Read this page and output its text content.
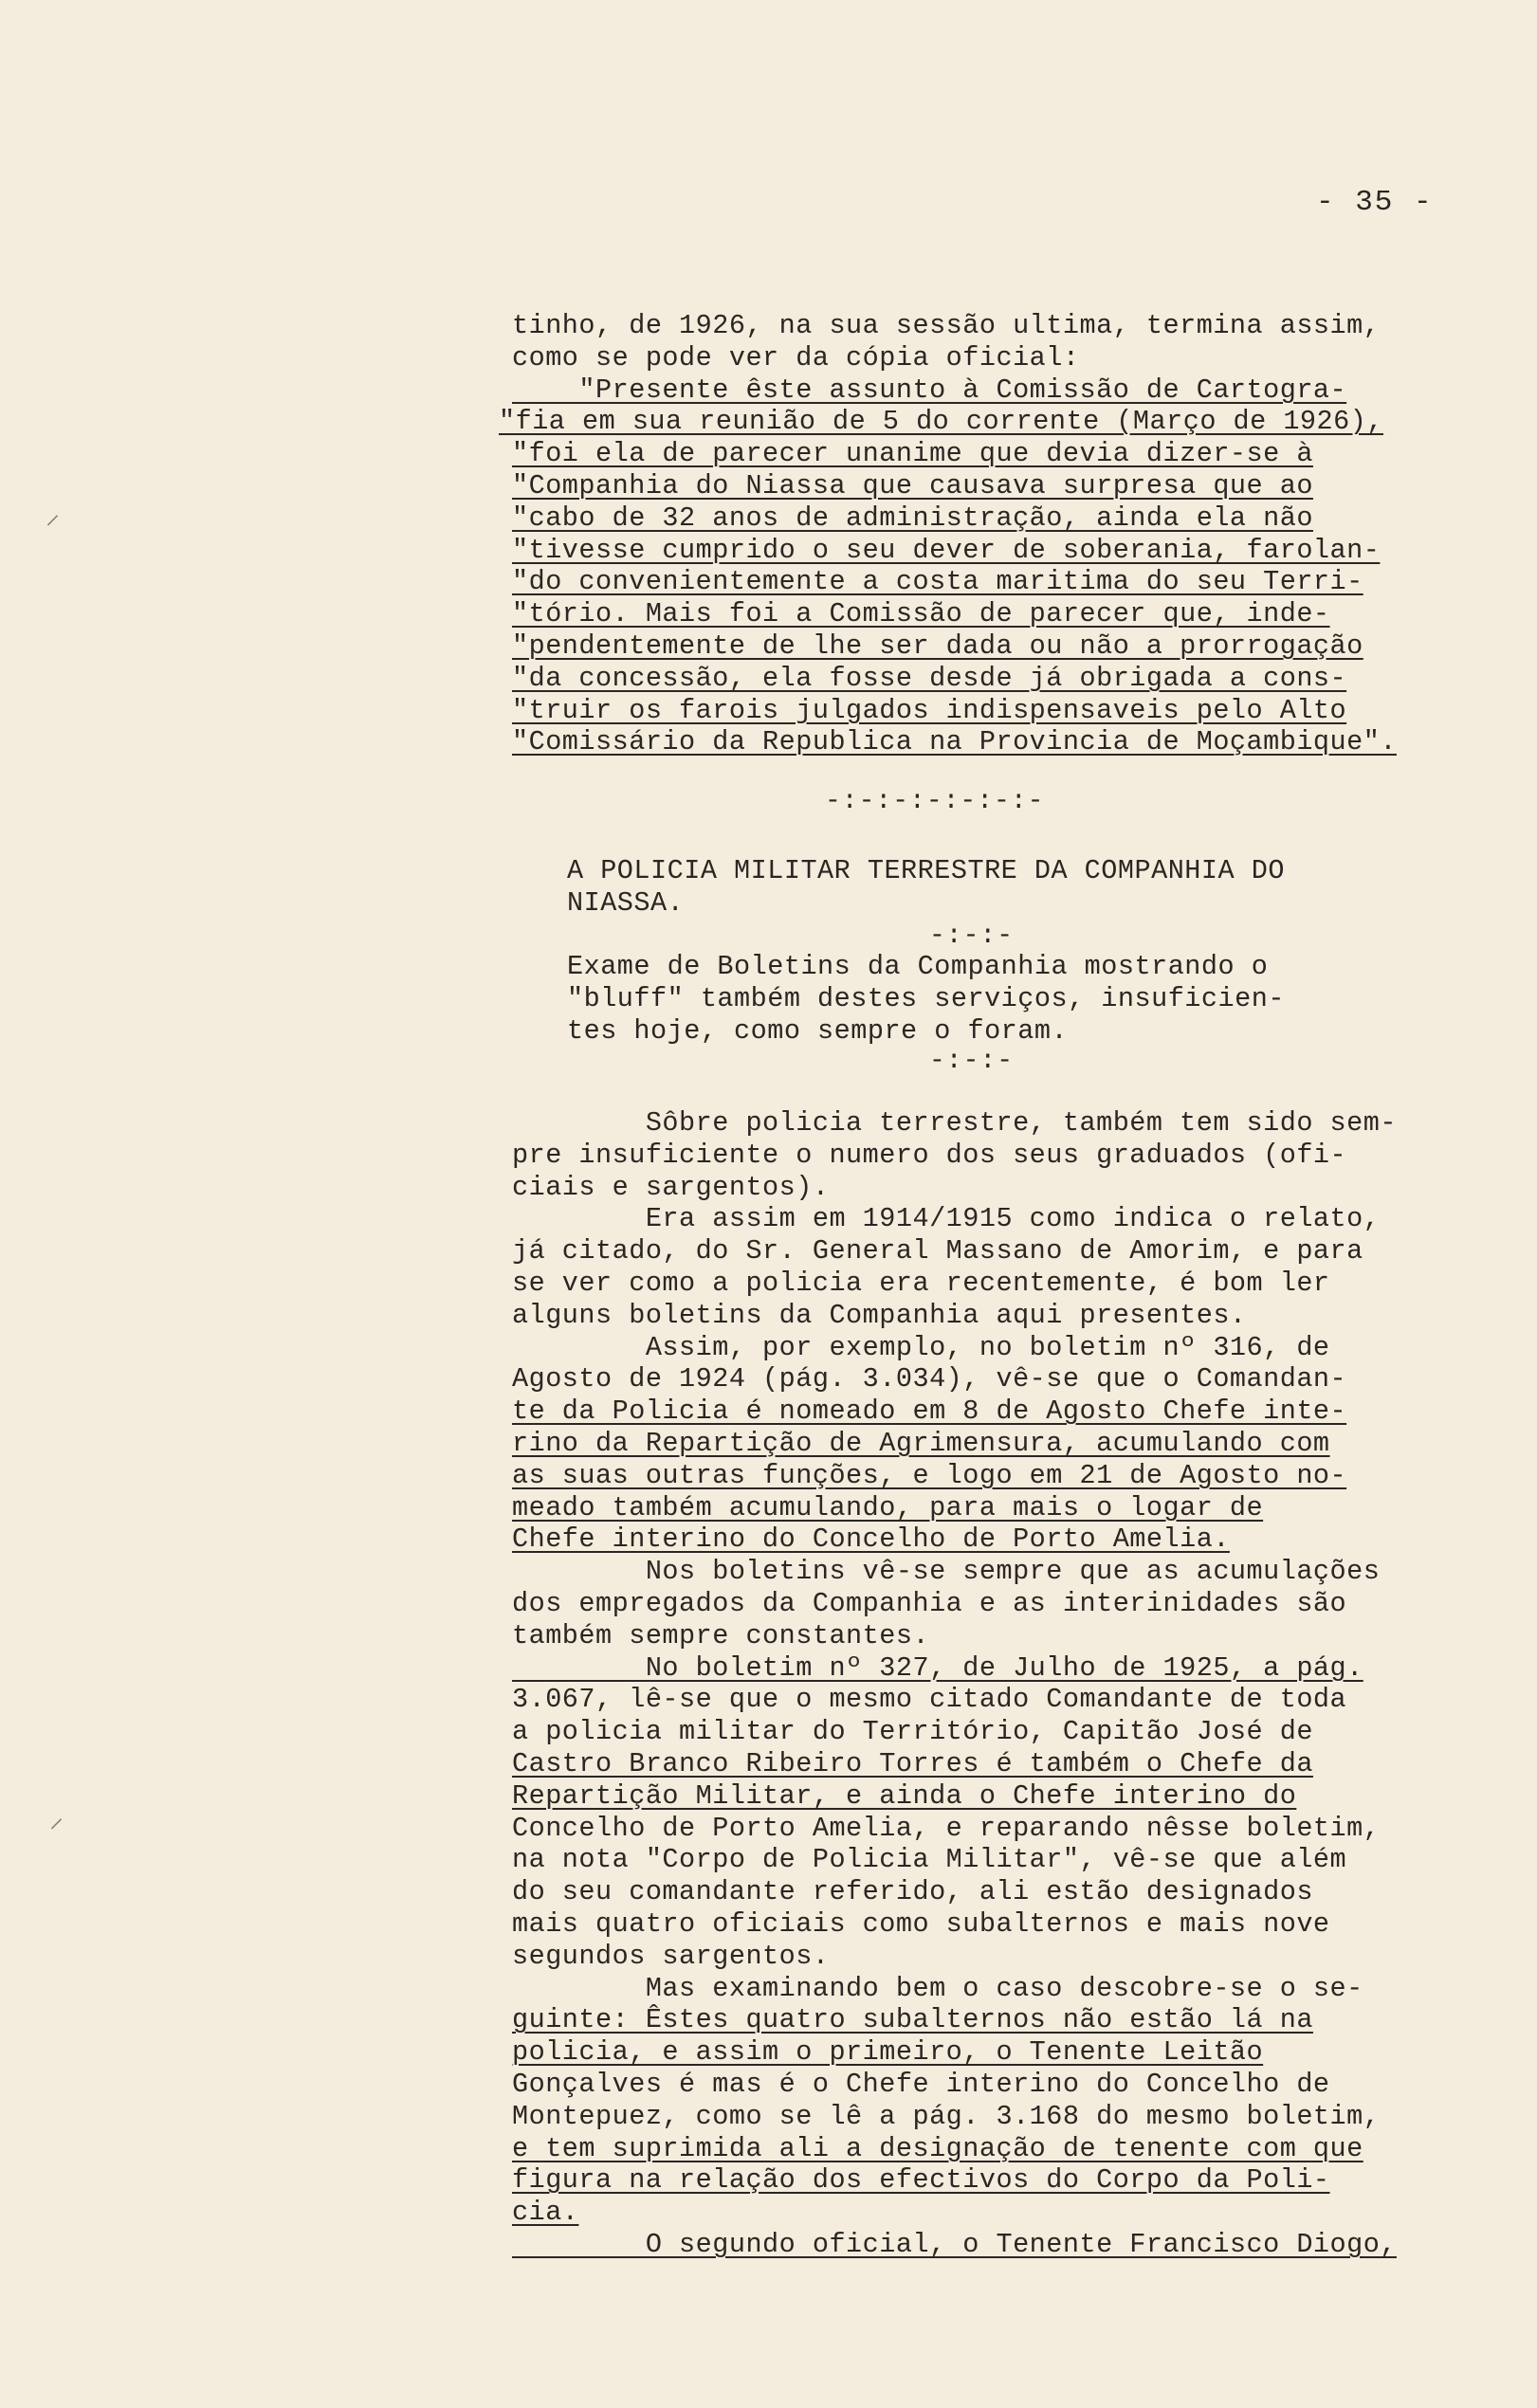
- 35 -
tinho, de 1926, na sua sessão ultima, termina assim,
como se pode ver da cópia oficial:
"Presente êste assunto à Comissão de Cartogra-
"fia em sua reunião de 5 do corrente (Março de 1926),
"foi ela de parecer unanime que devia dizer-se à
"Companhia do Niassa que causava surpresa que ao
"cabo de 32 anos de administração, ainda ela não
"tivesse cumprido o seu dever de soberania, farolan-
"do convenientemente a costa maritima do seu Terri-
"tório. Mais foi a Comissão de parecer que, inde-
"pendentemente de lhe ser dada ou não a prorrogação
"da concessão, ela fosse desde já obrigada a cons-
"truir os farois julgados indispensaveis pelo Alto
"Comissário da Republica na Provincia de Moçambique".
-:-:-:-:-:-:-
A POLICIA MILITAR TERRESTRE DA COMPANHIA DO
NIASSA.
-:-:-
Exame de Boletins da Companhia mostrando o
"bluff" também destes serviços, insuficien-
tes hoje, como sempre o foram.
-:-:-
Sôbre policia terrestre, também tem sido sem-
pre insuficiente o numero dos seus graduados (ofi-
ciais e sargentos).
Era assim em 1914/1915 como indica o relato,
já citado, do Sr. General Massano de Amorim, e para
se ver como a policia era recentemente, é bom ler
alguns boletins da Companhia aqui presentes.
Assim, por exemplo, no boletim nº 316, de
Agosto de 1924 (pág. 3.034), vê-se que o Comandan-
te da Policia é nomeado em 8 de Agosto Chefe inte-
rino da Repartição de Agrimensura, acumulando com
as suas outras funções, e logo em 21 de Agosto no-
meado também acumulando, para mais o logar de
Chefe interino do Concelho de Porto Amelia.
Nos boletins vê-se sempre que as acumulações
dos empregados da Companhia e as interinidades são
também sempre constantes.
No boletim nº 327, de Julho de 1925, a pág.
3.067, lê-se que o mesmo citado Comandante de toda
a policia militar do Território, Capitão José de
Castro Branco Ribeiro Torres é também o Chefe da
Repartição Militar, e ainda o Chefe interino do
Concelho de Porto Amelia, e reparando nêsse boletim,
na nota "Corpo de Policia Militar", vê-se que além
do seu comandante referido, ali estão designados
mais quatro oficiais como subalternos e mais nove
segundos sargentos.
Mas examinando bem o caso descobre-se o se-
guinte: Êstes quatro subalternos não estão lá na
policia, e assim o primeiro, o Tenente Leitão
Gonçalves é mas é o Chefe interino do Concelho de
Montepuez, como se lê a pág. 3.168 do mesmo boletim,
e tem suprimida ali a designação de tenente com que
figura na relação dos efectivos do Corpo da Poli-
cia.
O segundo oficial, o Tenente Francisco Diogo,
⸝
⸝
